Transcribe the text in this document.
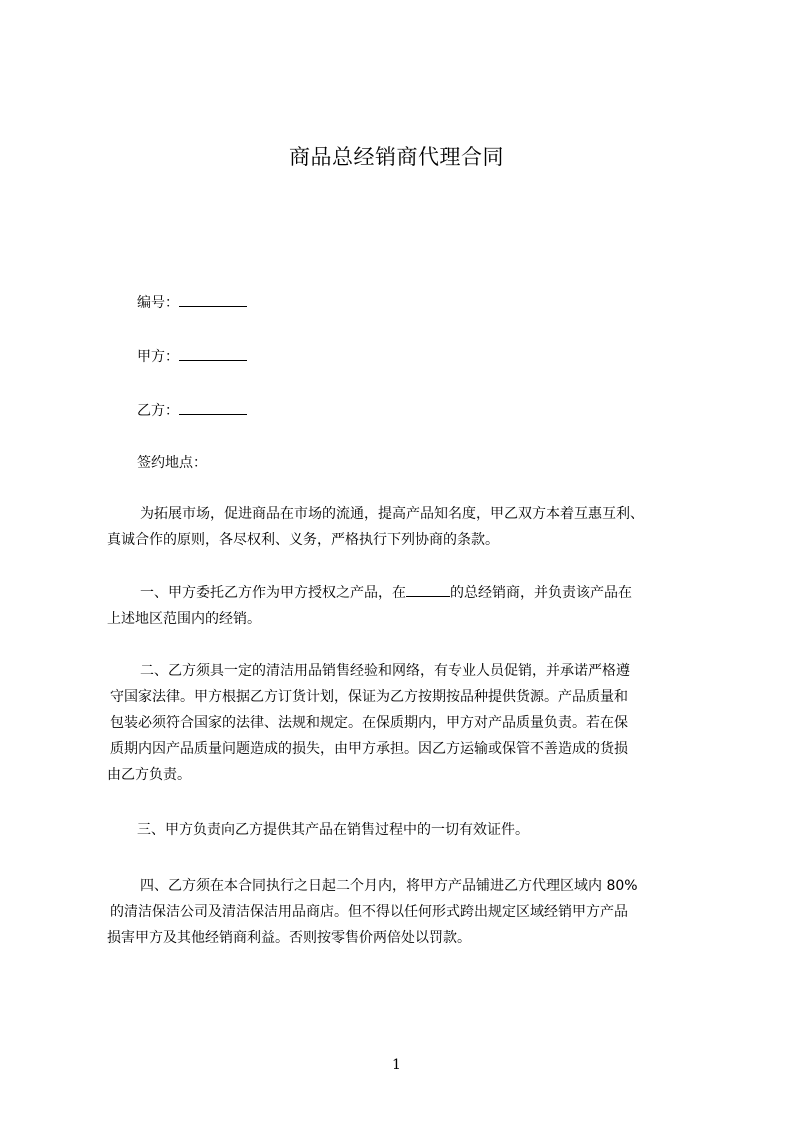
商品总经销商代理合同
编号：
甲方：
乙方：
签约地点：
为拓展市场，促进商品在市场的流通，提高产品知名度，甲乙双方本着互惠互利、
真诚合作的原则，各尽权利、义务，严格执行下列协商的条款。
一、甲方委托乙方作为甲方授权之产品，在	的总经销商，并负责该产品在
上述地区范围内的经销。
二、乙方须具一定的清洁用品销售经验和网络，有专业人员促销，并承诺严格遵
守国家法律。甲方根据乙方订货计划，保证为乙方按期按品种提供货源。产品质量和
包装必须符合国家的法律、法规和规定。在保质期内，甲方对产品质量负责。若在保
质期内因产品质量问题造成的损失，由甲方承担。因乙方运输或保管不善造成的货损
由乙方负责。
三、甲方负责向乙方提供其产品在销售过程中的一切有效证件。
四、乙方须在本合同执行之日起二个月内，将甲方产品铺进乙方代理区域内 80%
的清洁保洁公司及清洁保洁用品商店。但不得以任何形式跨出规定区域经销甲方产品
损害甲方及其他经销商利益。否则按零售价两倍处以罚款。
1
